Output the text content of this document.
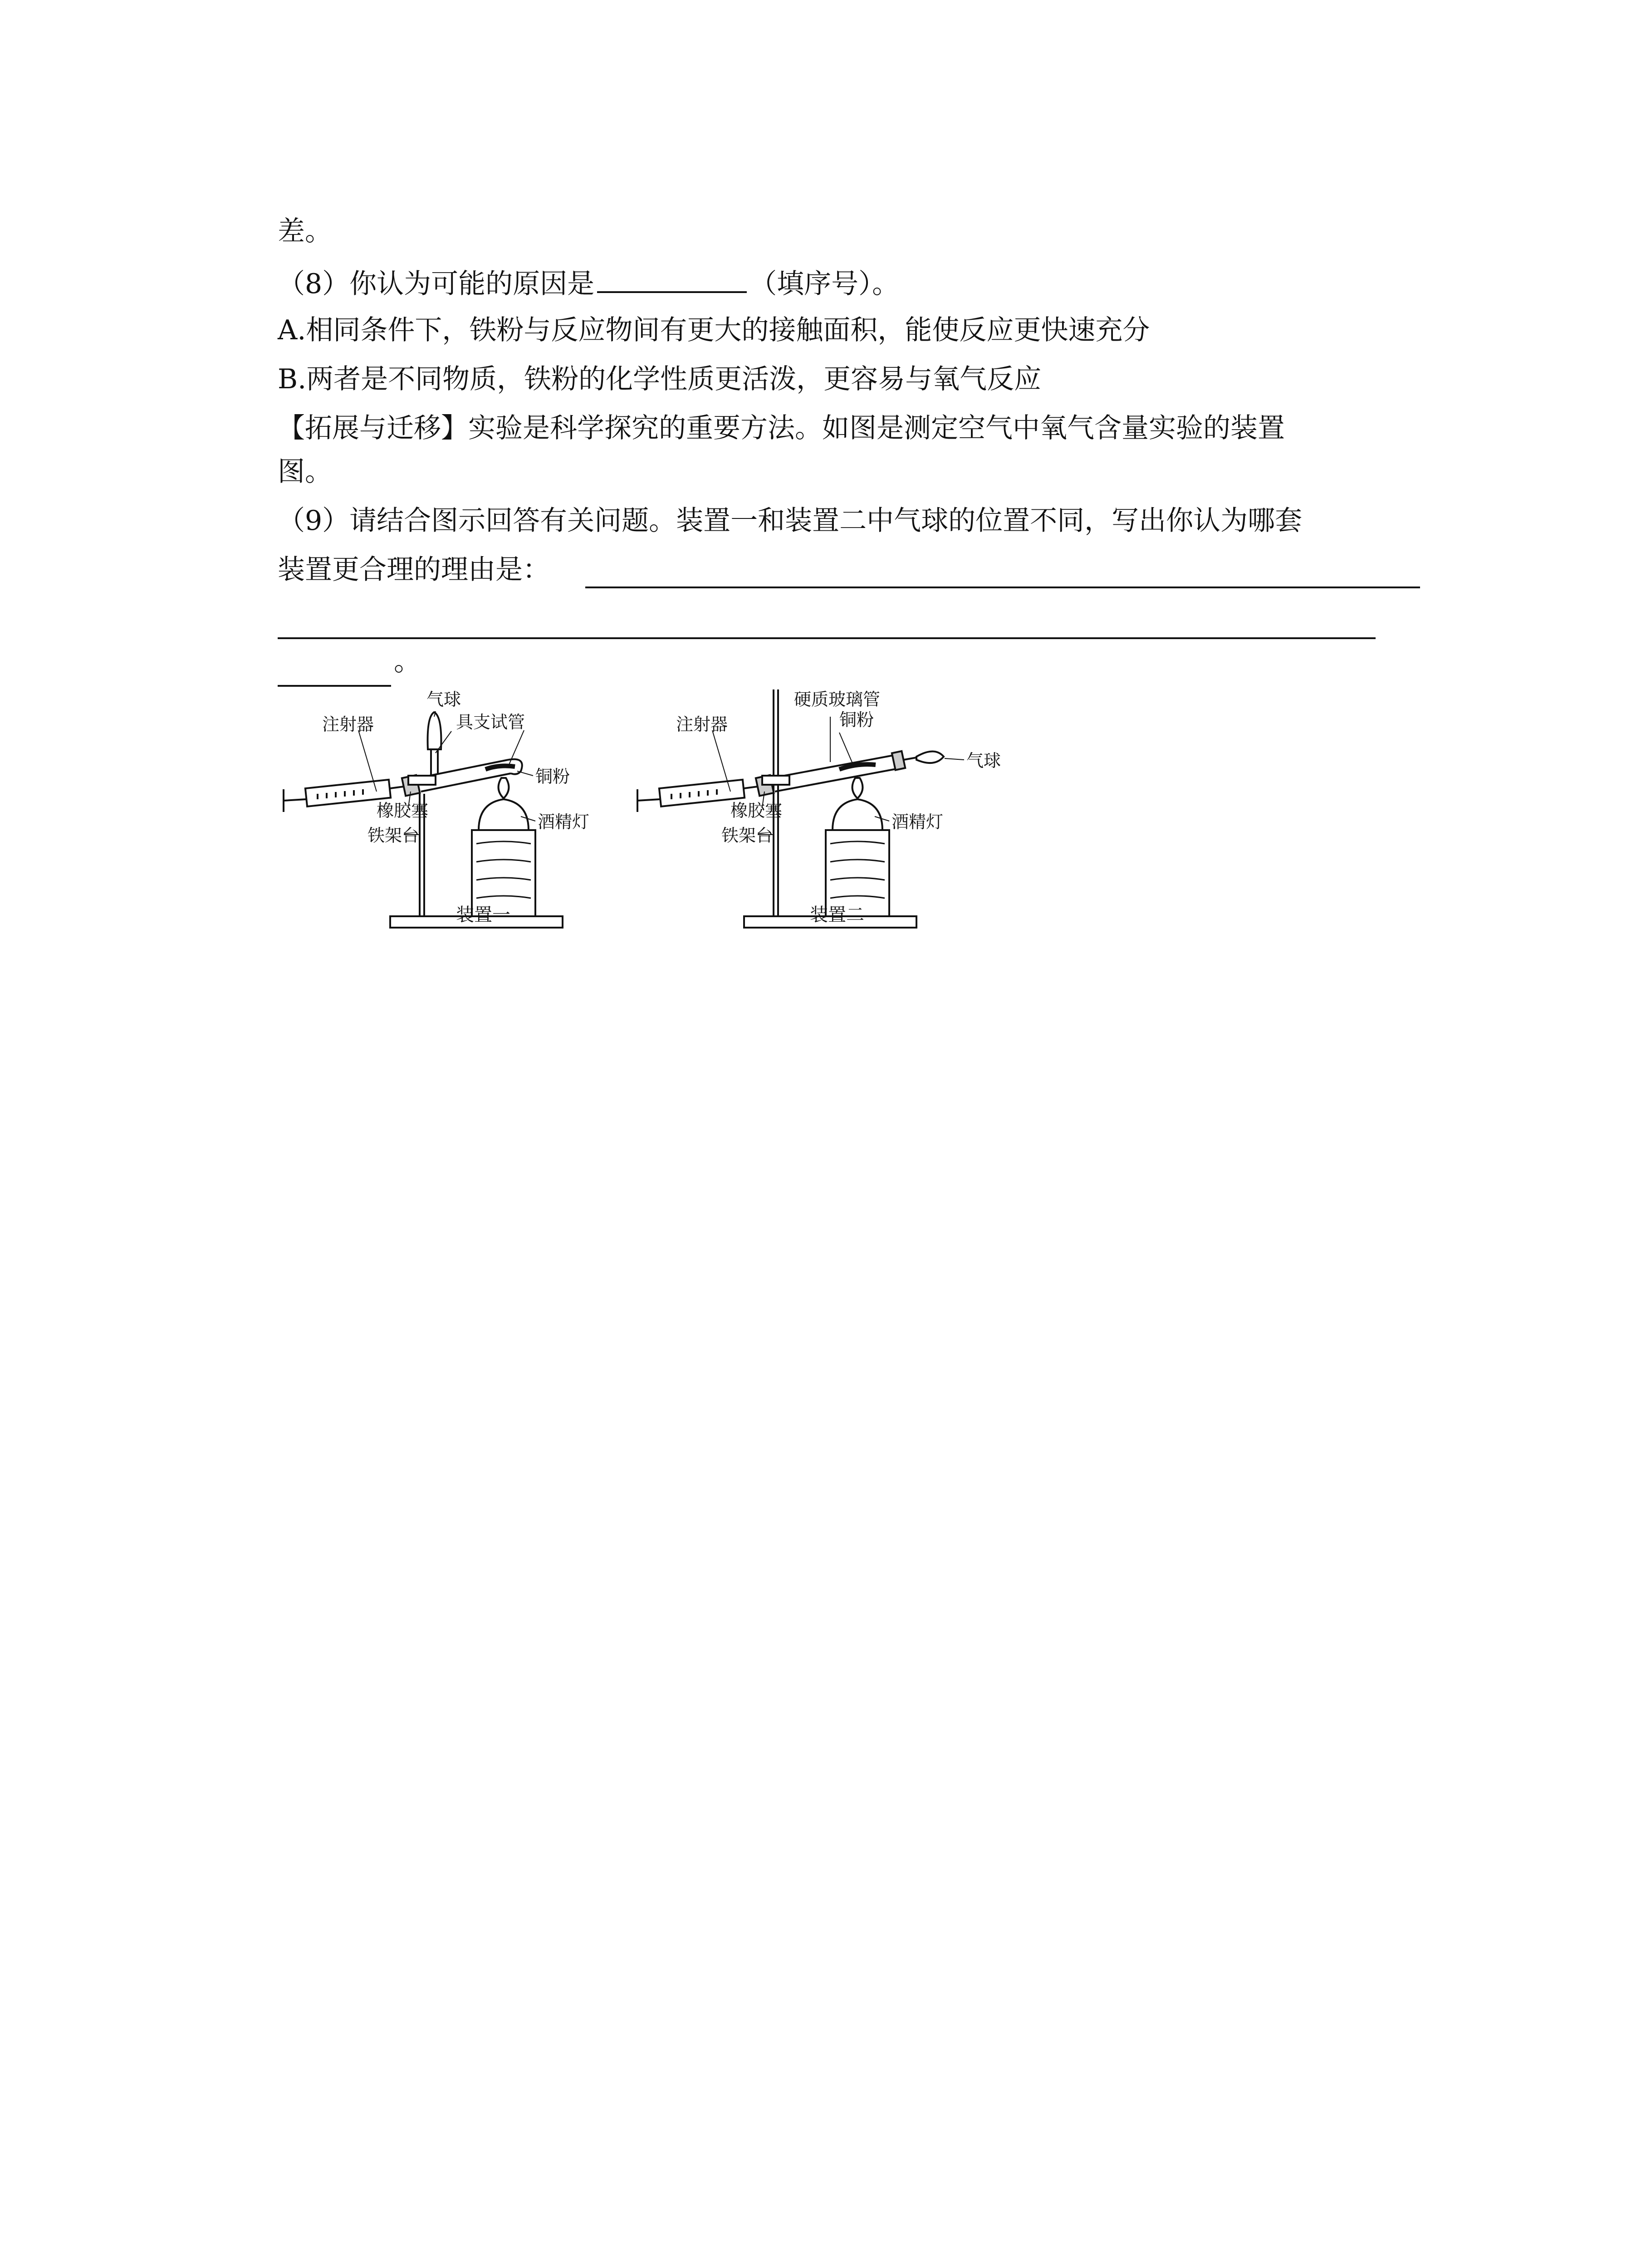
差。
（8）你认为可能的原因是	（填序号）。
A.相同条件下，铁粉与反应物间有更大的接触面积，能使反应更快速充分
B.两者是不同物质，铁粉的化学性质更活泼，更容易与氧气反应
【拓展与迁移】实验是科学探究的重要方法。如图是测定空气中氧气含量实验的装置
图。
（9）请结合图示回答有关问题。装置一和装置二中气球的位置不同，写出你认为哪套
装置更合理的理由是：
。
气球
注射器	具支试管
铜粉
橡胶塞
酒精灯
铁架台
装置一
硬质玻璃管
铜粉
注射器
气球
橡胶塞
酒精灯
铁架台
装置二
